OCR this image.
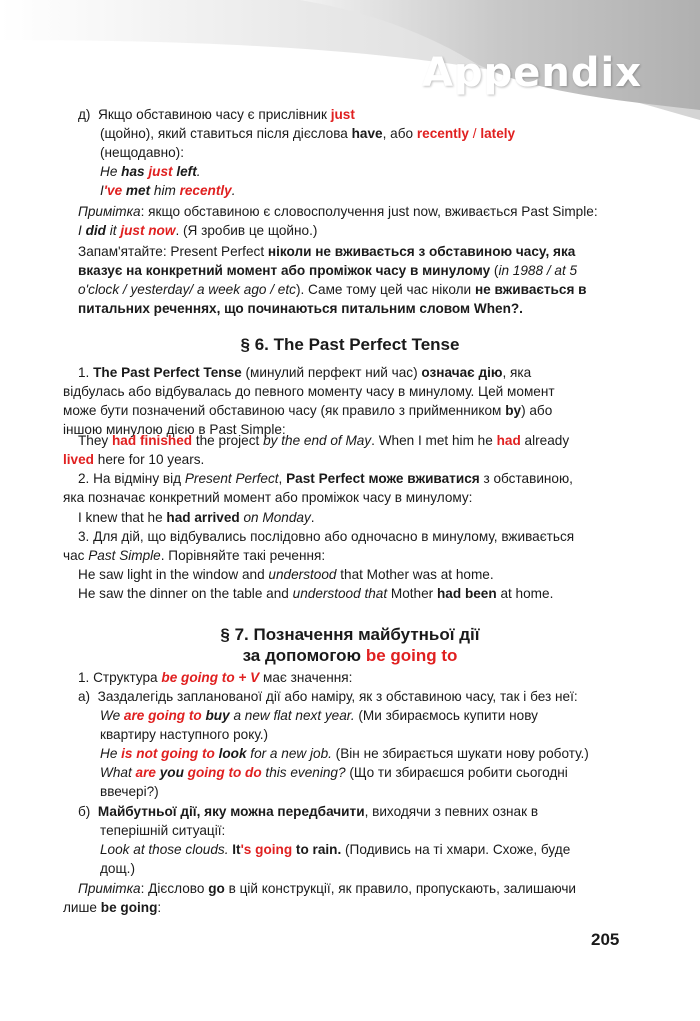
Appendix
д) Якщо обставиною часу є прислівник just
(щойно), який ставиться після дієслова have, або recently / lately
(нещодавно):
He has just left.
I've met him recently.
Примітка: якщо обставиною є словосполучення just now, вживається Past Simple:
I did it just now. (Я зробив це щойно.)
Запам'ятайте: Present Perfect ніколи не вживається з обставиною часу, яка
вказує на конкретний момент або проміжок часу в минулому (in 1988 / at 5
o'clock / yesterday/ a week ago / etc). Саме тому цей час ніколи не вживається в
питальних реченнях, що починаються питальним словом When?.
§ 6. The Past Perfect Tense
1. The Past Perfect Tense (минулий перфект ний час) означає дію, яка
відбулась або відбувалась до певного моменту часу в минулому. Цей момент
може бути позначений обставиною часу (як правило з прийменником by) або
іншою минулою дією в Past Simple:
They had finished the project by the end of May. When I met him he had already
lived here for 10 years.
2. На відміну від Present Perfect, Past Perfect може вживатися з обставиною,
яка позначає конкретний момент або проміжок часу в минулому:
I knew that he had arrived on Monday.
3. Для дій, що відбувались послідовно або одночасно в минулому, вживається
час Past Simple. Порівняйте такі речення:
He saw light in the window and understood that Mother was at home.
He saw the dinner on the table and understood that Mother had been at home.
§ 7. Позначення майбутньої дії
за допомогою be going to
1. Структура be going to + V має значення:
а) Заздалегідь запланованої дії або наміру, як з обставиною часу, так і без неї:
We are going to buy a new flat next year. (Ми збираємось купити нову
квартиру наступного року.)
He is not going to look for a new job. (Він не збирається шукати нову роботу.)
What are you going to do this evening? (Що ти збираєшся робити сьогодні
ввечері?)
б) Майбутньої дії, яку можна передбачити, виходячи з певних ознак в
теперішній ситуації:
Look at those clouds. It's going to rain. (Подивись на ті хмари. Схоже, буде
дощ.)
Примітка: Дієслово go в цій конструкції, як правило, пропускають, залишаючи
лише be going:
205
